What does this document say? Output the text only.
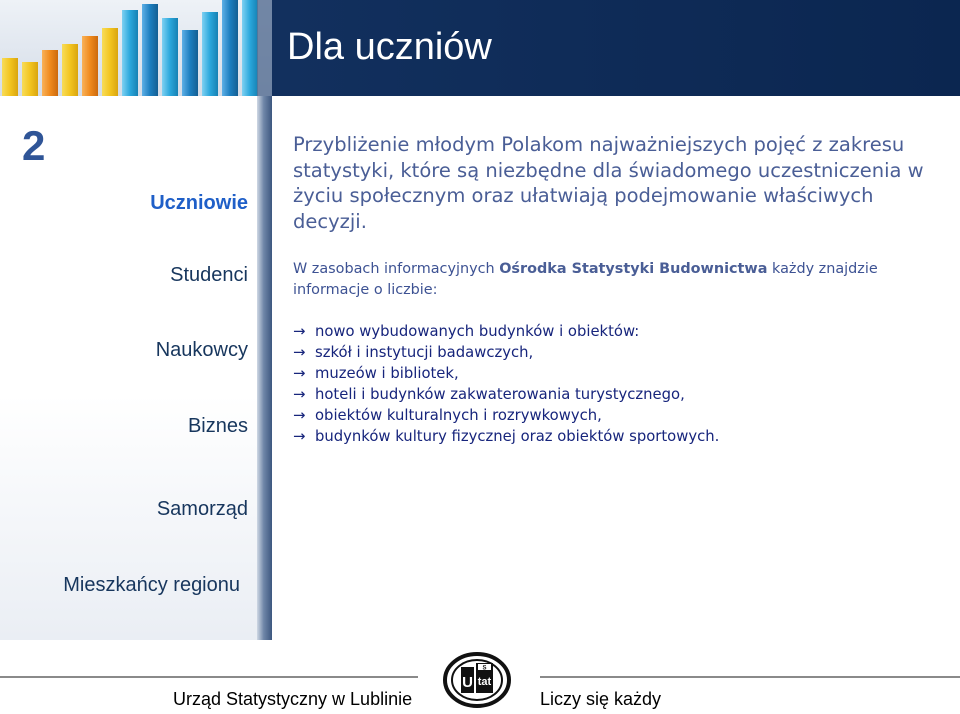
Dla uczniów
2
Uczniowie
Studenci
Naukowcy
Biznes
Samorząd
Mieszkańcy regionu
Przybliżenie młodym Polakom najważniejszych pojęć z zakresu statystyki, które są niezbędne dla świadomego uczestniczenia w życiu społecznym oraz ułatwiają podejmowanie właściwych decyzji.
W zasobach informacyjnych Ośrodka Statystyki Budownictwa każdy znajdzie informacje o liczbie:
→ nowo wybudowanych budynków i obiektów:
→ szkół i instytucji badawczych,
→ muzeów i bibliotek,
→ hoteli i budynków zakwaterowania turystycznego,
→ obiektów kulturalnych i rozrywkowych,
→ budynków kultury fizycznej oraz obiektów sportowych.
Urząd Statystyczny w Lublinie	Liczy się każdy
U tat
S
